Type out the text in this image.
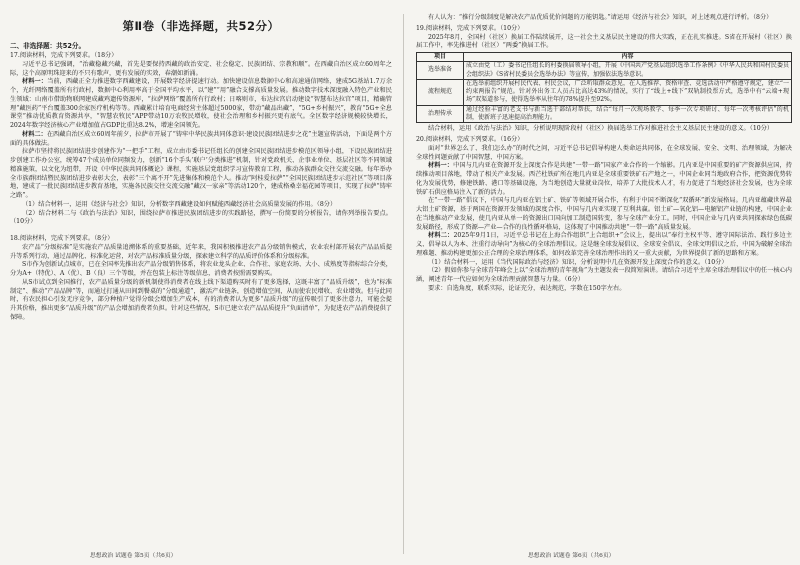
第Ⅱ卷（非选择题，共52分）
二、非选择题：共52分。

17.阅读材料，完成下列要求。（18分）

习近平总书记强调，“治藏稳藏兴藏，首先是要保持西藏的政治安定、社会稳定、民族团结、宗教和顺”。在西藏自治区成立60周年之际，这个高原明珠迎来的不只有歌声，更有发展的实效，春潮如新涌。

材料一：当前，西藏正全力推进数字西藏建设，开展数字经济提速行动。加快建设信息数据中心和高速通信网络，建成5G基站1.7万余个，光纤网络覆盖所有行政村，数据中心利用率高于全国平均水平，以“建”“用”融合支撑高质量发展。推动数字技术深度融入特色产业和民生领域：山南市借助物联网建成藏鸡遗传资源库，“拉萨网络”覆盖所有行政村；日喀则市，布达拉宫启动建设“智慧布达拉宫”项目，精确管理“藏医药”平台覆盖300余家医疗机构等等。西藏累计培育电商经营主体超过5000家，带动“藏品出藏”，“5G+乡村振兴”，教育“5G+全息课堂”推动优质教育资源共享，“智慧农牧民”APP带动10万农牧民增收，使社会治理和乡村振兴更有底气。全区数字经济规模较快增长，2024年数字经济核心产业增加值占GDP比重达8.2%，增速全国领先。

材料二：在西藏自治区成立60周年前夕，拉萨市开展了“铸牢中华民族共同体意识·建设民族团结进步之花”主题宣传活动，下面是两个方面的具体做法。

拉萨市坚持将民族团结进步创建作为“一把手”工程，成立由市委书记任组长的创建全国民族团结进步模范区领导小组，下设民族团结进步创建工作办公室，统筹47个成员单位同频发力，创新“16个手头‘联户’分类推进”机制，针对党政机关、企事业单位、基层社区等不同领域精准施策，以文化为纽带，开设《中华民族共同体概论》课程，实施基层党组织学习宣传教育工程，推动各族群众交往交流交融。每年举办全市族群团结暨民族团结进步表彰大会，表彰“三个离不开”先进集体和模范个人。推动“阿桂爱拉萨”“全国民族团结进步示范社区”等项目落地，建成了一批民族团结进步教育基地，实施各民族交往交流交融“藏汉一家亲”等活动120个，建成格桑幸福花园等项目，实现了拉萨“铸牢之路”。

（1）结合材料一，运用《经济与社会》知识，分析数字西藏建设如何赋能西藏经济社会高质量发展的作用。（8分）

（2）结合材料二与《政治与法治》知识，围绕拉萨市推进民族团结进步的实践路径，撰写一份简要的分析报告，请你列举报告要点。（10分）

18.阅读材料，完成下列要求。（8分）

农产品“分级标准”是实施农产品质量追溯体系的重要基础，近年来，我国积极推进农产品分级销售模式，农业农村部开展农产品品质提升等系列行动，通过品牌化、标准化运营，对农产品标准质量分级，探索建立科学的品质评价体系和分级标准。

S市作为创新试点城市，已在全国率先推出农产品分级销售体系，将农业龙头企业、合作社、家庭农场、大小、成熟度等指标综合分类，分为A+（特优）、A（优）、B（良）三个等级，并在包装上标注等级信息，消费者按照需要购买。

从S市试点到全国推行，农产品质量分级的新机制使得消费者在线上线下渠道购买时有了更多选择，这既丰富了“品质升级”，也为“标准制定”、推动“产品品牌”等，而通过打通从田间到餐桌的“分级通道”，激活产业链条，创造增值空间，从而使农民增收、农业增效。但与此同时，有农民担心引发无序竞争，部分种植户觉得分级会增加生产成本，有的消费者认为更多“品质升级”的宣传吸引了更多注意力，可能会提升其价格，推出更多“品质升级”的产品会增加消费者负担。针对这些情况，S市已建立农产品品质提升“负面清单”，为促进农产品消费提供了保障。

思想政治 试题卷 第5页（共6页）

有人认为：“推行分级制度是解决农产品优质优价问题的万能钥匙。”请运用《经济与社会》知识，对上述观点进行评析。（8分）

19.阅读材料，完成下列要求。（10分）

2025年8月，全国村（社区）换届工作陆续展开，这一社会主义基层民主建设的伟大实践，正在扎实推进。S省在开展村（社区）换届工作中，率先推进村（社区）“两委”换届工作。

项目	内容
选举准备	成立由党（工）委书记任组长的村委换届领导小组，开展《中国共产党基层组织选举工作条例》《中华人民共和国村民委员会组织法》《S省村民委员会选举办法》等宣传，加强依法选举意识。
流程规范	在选举前组织开展村民代表、村民会议，广泛听取群众意见，在人选推荐、资格审查、竞选活动中严格遵守规定，建立“一约束两报告”规范。针对外出务工人员占比高达43%的情况，实行了“线上+线下”双轨制投票方式，选举中有“云端+现场”双渠道参与，使得选举率从往年的78%提升至92%。
治理传承	通过经验丰富的老支书与新当选干部结对帮扶，结合“每月一次现场教学、每季一次专项研讨、每年一次考核评估”的机制，使新班子迅速提高治理能力。

结合材料，运用《政治与法治》知识，分析说明现阶段村（社区）换届选举工作对推进社会主义基层民主建设的意义。（10分）

20.阅读材料，完成下列要求。（16分）

面对“世界怎么了、我们怎么办”的时代之问，习近平总书记倡导构建人类命运共同体，在全球发展、安全、文明、治理领域，为解决全球性问题贡献了中国智慧、中国方案。

材料一：中国与几内亚在资源开发上深度合作是共建“一带一路”国家产业合作的一个缩影。几内亚是中国重要的矿产资源供应国，持续推动项目落地，带动了相关产业发展。西芒杜铁矿所在地几内亚是全球重要铁矿石产地之一，中国企业同当地政府合作，把资源优势转化为发展优势，修建铁路、港口等基础设施，为当地创造大量就业岗位，培养了大批技术人才，有力促进了当地经济社会发展，也为全球铁矿石供应格局注入了新的活力。

在“一带一路”倡议下，中国与几内亚在铝土矿、铁矿等领域开展合作，有利于中国不断深化“双循环”新发展格局。几内亚蕴藏世界最大铝土矿资源，基于两国在资源开发领域的深度合作，中国与几内亚实现了互利共赢。铝土矿—氧化铝—电解铝产业链的构建，中国企业在当地推动产业发展，使几内亚从单一的资源出口国向加工制造国转变，参与全球产业分工。同时，中国企业与几内亚共同探索绿色低碳发展路径，形成了资源—产业—合作的良性循环格局，这体现了中国推动共建“一带一路”高质量发展。

材料二：2025年9月1日，习近平总书记在上海合作组织“上合组织+”会议上，提出以“奉行主权平等、遵守国际法治、践行多边主义、倡导以人为本、注重行动导向”为核心的全球治理倡议。这是继全球发展倡议、全球安全倡议、全球文明倡议之后，中国为破解全球治理难题、推动构建更加公正合理的全球治理体系，如何改革完善全球治理作出的又一重大贡献，为世界提供了新的思路和方案。

（1）结合材料一，运用《当代国际政治与经济》知识，分析说明中几在资源开发上深度合作的意义。（10分）

（2）假如你参与全球青年峰会上以“全球治理的青年视角”为主题发表一段简短演讲。请结合习近平主席全球治理倡议中的任一核心内涵，阐述青年一代应如何为全球治理贡献智慧与力量。（6分）

要求：自选角度，联系实际，论证充分，表达规范，字数在150字左右。

思想政治 试题卷 第6页（共6页）
